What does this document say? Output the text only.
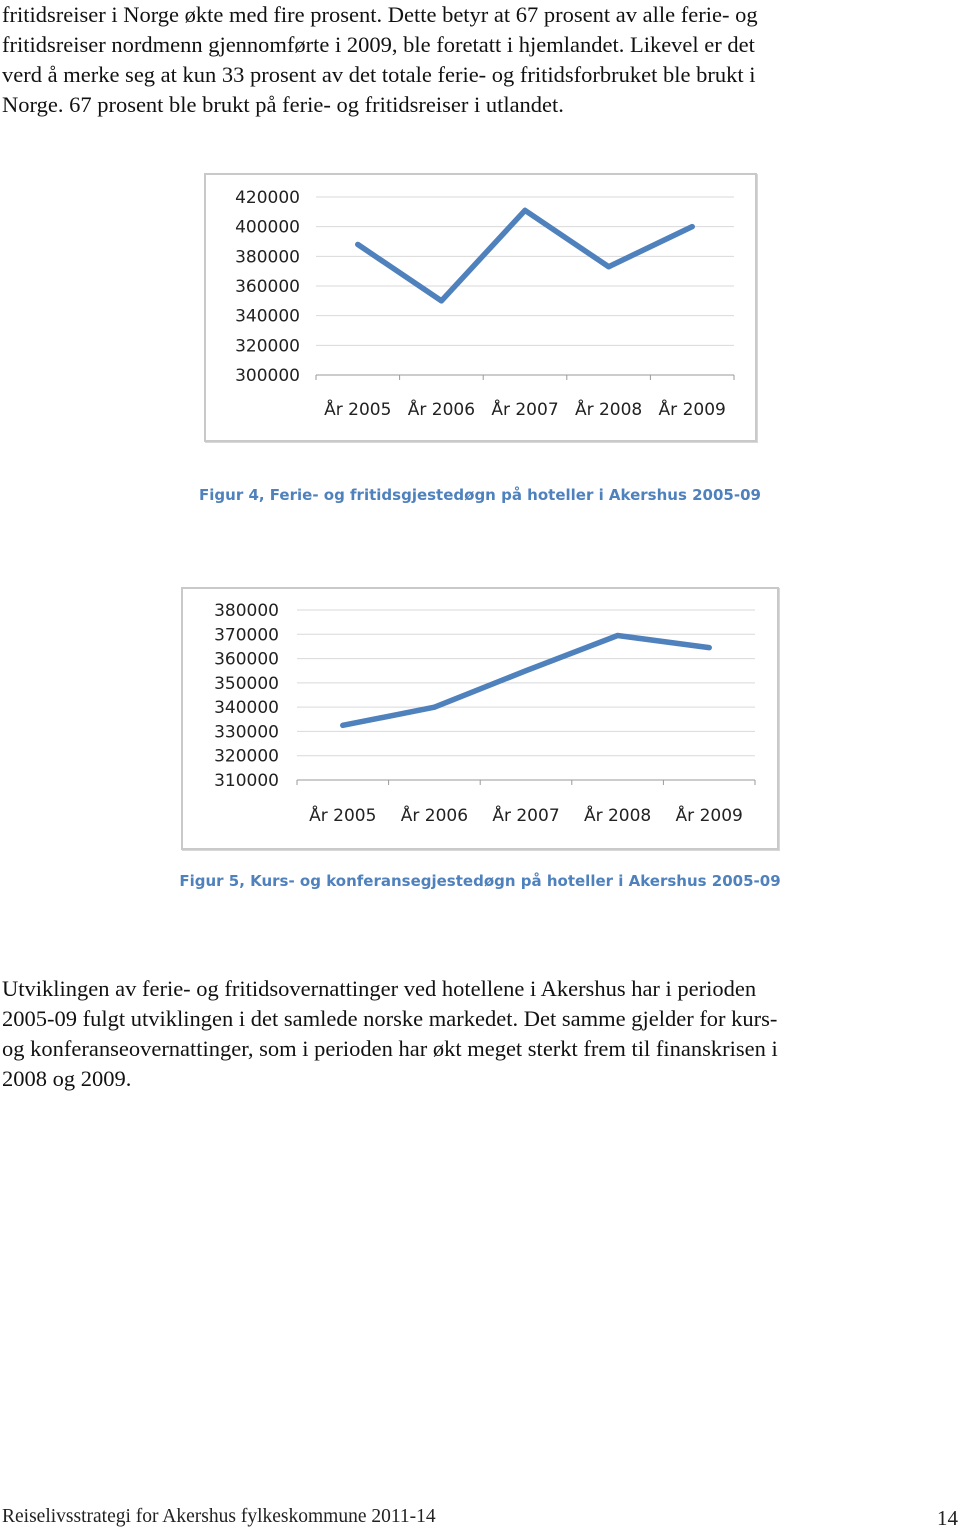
fritidsreiser i Norge økte med fire prosent. Dette betyr at 67 prosent av alle ferie- og
fritidsreiser nordmenn gjennomførte i 2009, ble foretatt i hjemlandet. Likevel er det
verd å merke seg at kun 33 prosent av det totale ferie- og fritidsforbruket ble brukt i
Norge. 67 prosent ble brukt på ferie- og fritidsreiser i utlandet.

420000
400000
380000
360000
340000
320000
300000
År 2005 År 2006 År 2007 År 2008 År 2009

Figur 4, Ferie- og fritidsgjestedøgn på hoteller i Akershus 2005-09

380000
370000
360000
350000
340000
330000
320000
310000
År 2005 År 2006 År 2007 År 2008 År 2009

Figur 5, Kurs- og konferansegjestedøgn på hoteller i Akershus 2005-09

Utviklingen av ferie- og fritidsovernattinger ved hotellene i Akershus har i perioden
2005-09 fulgt utviklingen i det samlede norske markedet. Det samme gjelder for kurs-
og konferanseovernattinger, som i perioden har økt meget sterkt frem til finanskrisen i
2008 og 2009.

Reiselivsstrategi for Akershus fylkeskommune 2011-14	14
